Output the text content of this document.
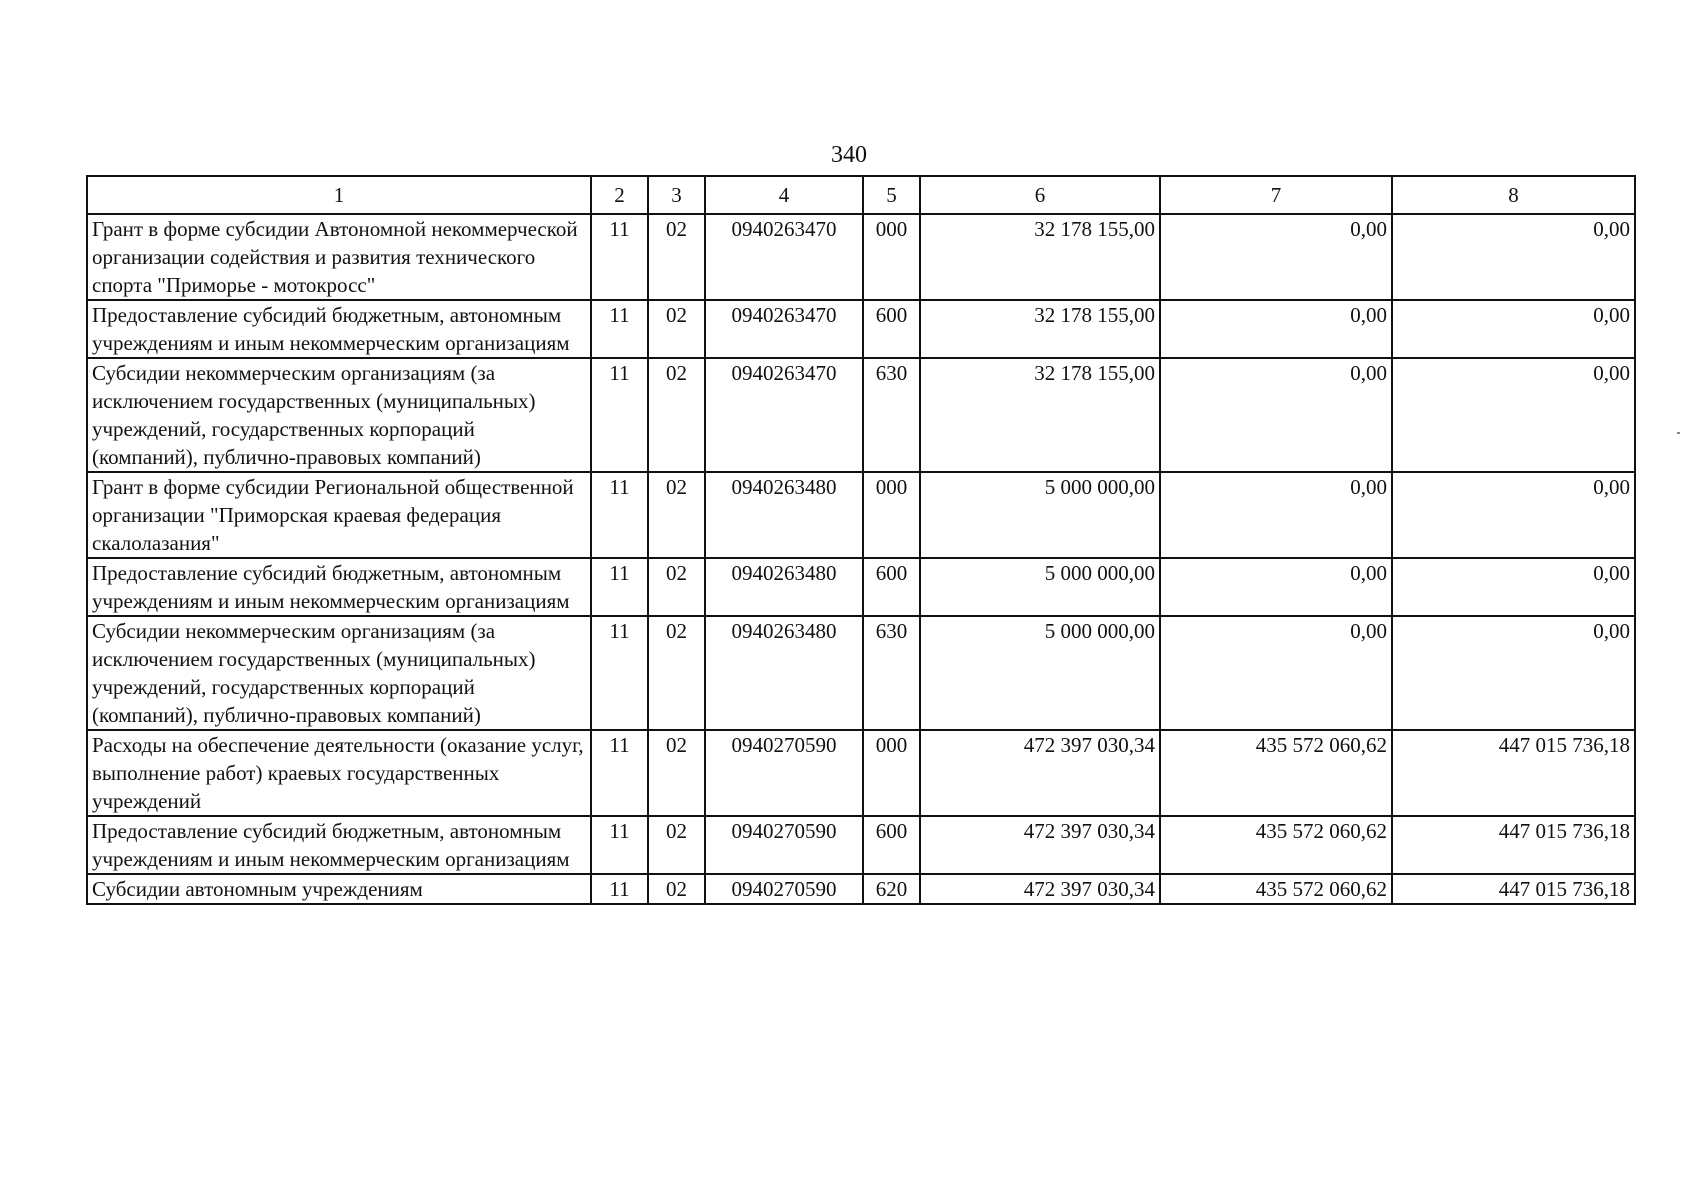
340
1	2	3	4	5	6	7	8
Грант в форме субсидии Автономной некоммерческой организации содействия и развития технического спорта "Приморье - мотокросс"	11	02	0940263470	000	32 178 155,00	0,00	0,00
Предоставление субсидий бюджетным, автономным учреждениям и иным некоммерческим организациям	11	02	0940263470	600	32 178 155,00	0,00	0,00
Субсидии некоммерческим организациям (за исключением государственных (муниципальных) учреждений, государственных корпораций (компаний), публично-правовых компаний)	11	02	0940263470	630	32 178 155,00	0,00	0,00
Грант в форме субсидии Региональной общественной организации "Приморская краевая федерация скалолазания"	11	02	0940263480	000	5 000 000,00	0,00	0,00
Предоставление субсидий бюджетным, автономным учреждениям и иным некоммерческим организациям	11	02	0940263480	600	5 000 000,00	0,00	0,00
Субсидии некоммерческим организациям (за исключением государственных (муниципальных) учреждений, государственных корпораций (компаний), публично-правовых компаний)	11	02	0940263480	630	5 000 000,00	0,00	0,00
Расходы на обеспечение деятельности (оказание услуг, выполнение работ) краевых государственных учреждений	11	02	0940270590	000	472 397 030,34	435 572 060,62	447 015 736,18
Предоставление субсидий бюджетным, автономным учреждениям и иным некоммерческим организациям	11	02	0940270590	600	472 397 030,34	435 572 060,62	447 015 736,18
Субсидии автономным учреждениям	11	02	0940270590	620	472 397 030,34	435 572 060,62	447 015 736,18
